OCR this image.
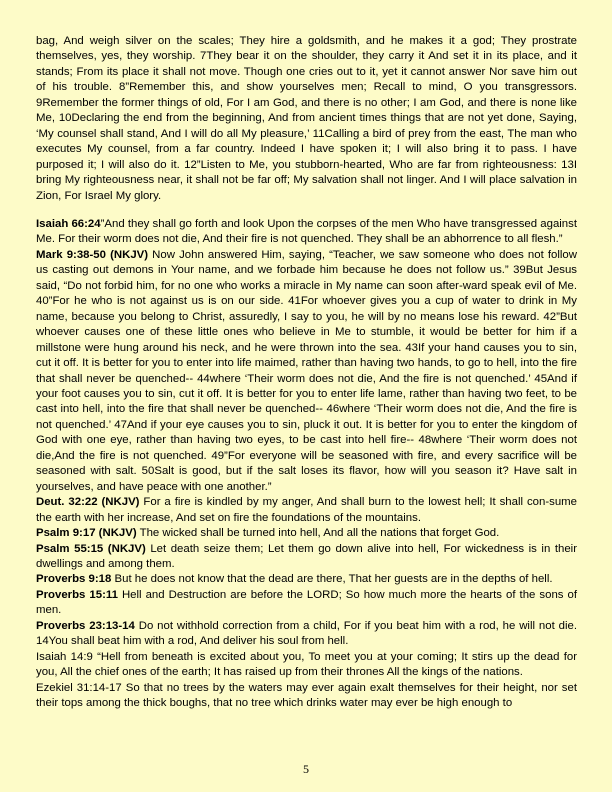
bag, And weigh silver on the scales; They hire a goldsmith, and he makes it a god; They prostrate themselves, yes, they worship. 7They bear it on the shoulder, they carry it And set it in its place, and it stands; From its place it shall not move. Though one cries out to it, yet it cannot answer Nor save him out of his trouble. 8”Remember this, and show yourselves men; Recall to mind, O you transgressors. 9Remember the former things of old, For I am God, and there is no other; I am God, and there is none like Me, 10Declaring the end from the beginning, And from ancient times things that are not yet done, Saying, ‘My counsel shall stand, And I will do all My pleasure,’ 11Calling a bird of prey from the east, The man who executes My counsel, from a far country. Indeed I have spoken it; I will also bring it to pass. I have purposed it; I will also do it. 12”Listen to Me, you stubborn-hearted, Who are far from righteousness: 13I bring My righteousness near, it shall not be far off; My salvation shall not linger. And I will place salvation in Zion, For Israel My glory.

Isaiah 66:24”And they shall go forth and look Upon the corpses of the men Who have transgressed against Me. For their worm does not die, And their fire is not quenched. They shall be an abhorrence to all flesh.”

Mark 9:38-50 (NKJV) Now John answered Him, saying, “Teacher, we saw someone who does not follow us casting out demons in Your name, and we forbade him because he does not follow us.” 39But Jesus said, “Do not forbid him, for no one who works a miracle in My name can soon after-ward speak evil of Me. 40”For he who is not against us is on our side. 41For whoever gives you a cup of water to drink in My name, because you belong to Christ, assuredly, I say to you, he will by no means lose his reward. 42”But whoever causes one of these little ones who believe in Me to stumble, it would be better for him if a millstone were hung around his neck, and he were thrown into the sea. 43If your hand causes you to sin, cut it off. It is better for you to enter into life maimed, rather than having two hands, to go to hell, into the fire that shall never be quenched-- 44where ‘Their worm does not die, And the fire is not quenched.’ 45And if your foot causes you to sin, cut it off. It is better for you to enter life lame, rather than having two feet, to be cast into hell, into the fire that shall never be quenched-- 46where ‘Their worm does not die, And the fire is not quenched.’ 47And if your eye causes you to sin, pluck it out. It is better for you to enter the kingdom of God with one eye, rather than having two eyes, to be cast into hell fire-- 48where ‘Their worm does not die,And the fire is not quenched. 49”For everyone will be seasoned with fire, and every sacrifice will be seasoned with salt. 50Salt is good, but if the salt loses its flavor, how will you season it? Have salt in yourselves, and have peace with one another.”

Deut. 32:22 (NKJV) For a fire is kindled by my anger, And shall burn to the lowest hell; It shall con-sume the earth with her increase, And set on fire the foundations of the mountains.

Psalm 9:17 (NKJV) The wicked shall be turned into hell, And all the nations that forget God.

Psalm 55:15 (NKJV) Let death seize them; Let them go down alive into hell, For wickedness is in their dwellings and among them.

Proverbs 9:18 But he does not know that the dead are there, That her guests are in the depths of hell.

Proverbs 15:11 Hell and Destruction are before the LORD; So how much more the hearts of the sons of men.

Proverbs 23:13-14 Do not withhold correction from a child, For if you beat him with a rod, he will not die. 14You shall beat him with a rod, And deliver his soul from hell.

Isaiah 14:9 “Hell from beneath is excited about you, To meet you at your coming; It stirs up the dead for you, All the chief ones of the earth; It has raised up from their thrones All the kings of the nations.

Ezekiel 31:14-17 So that no trees by the waters may ever again exalt themselves for their height, nor set their tops among the thick boughs, that no tree which drinks water may ever be high enough to

5
